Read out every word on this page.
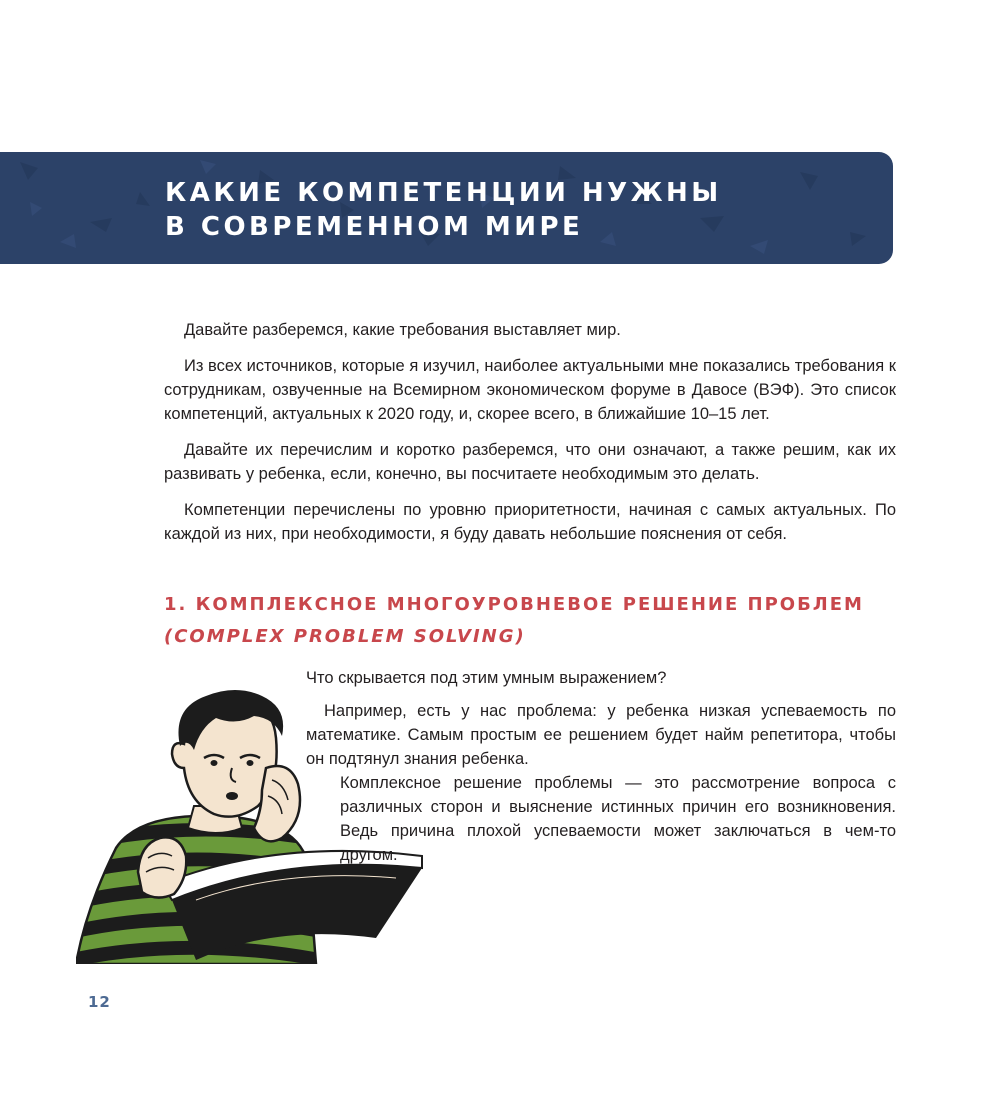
КАКИЕ КОМПЕТЕНЦИИ НУЖНЫ
В СОВРЕМЕННОМ МИРЕ

Давайте разберемся, какие требования выставляет мир.

Из всех источников, которые я изучил, наиболее актуальными мне показались требования к сотрудникам, озвученные на Всемирном экономическом форуме в Давосе (ВЭФ). Это список компетенций, актуальных к 2020 году, и, скорее всего, в ближайшие 10–15 лет.

Давайте их перечислим и коротко разберемся, что они означают, а также решим, как их развивать у ребенка, если, конечно, вы посчитаете необходимым это делать.

Компетенции перечислены по уровню приоритетности, начиная с самых актуальных. По каждой из них, при необходимости, я буду давать небольшие пояснения от себя.

1. КОМПЛЕКСНОЕ МНОГОУРОВНЕВОЕ РЕШЕНИЕ ПРОБЛЕМ
(COMPLEX PROBLEM SOLVING)

Что скрывается под этим умным выражением?

Например, есть у нас проблема: у ребенка низкая успеваемость по математике. Самым простым ее решением будет найм репетитора, чтобы он подтянул знания ребенка.

Комплексное решение проблемы — это рассмотрение вопроса с различных сторон и выяснение истинных причин его возникновения. Ведь причина плохой успеваемости может заключаться в чем-то другом.

12
